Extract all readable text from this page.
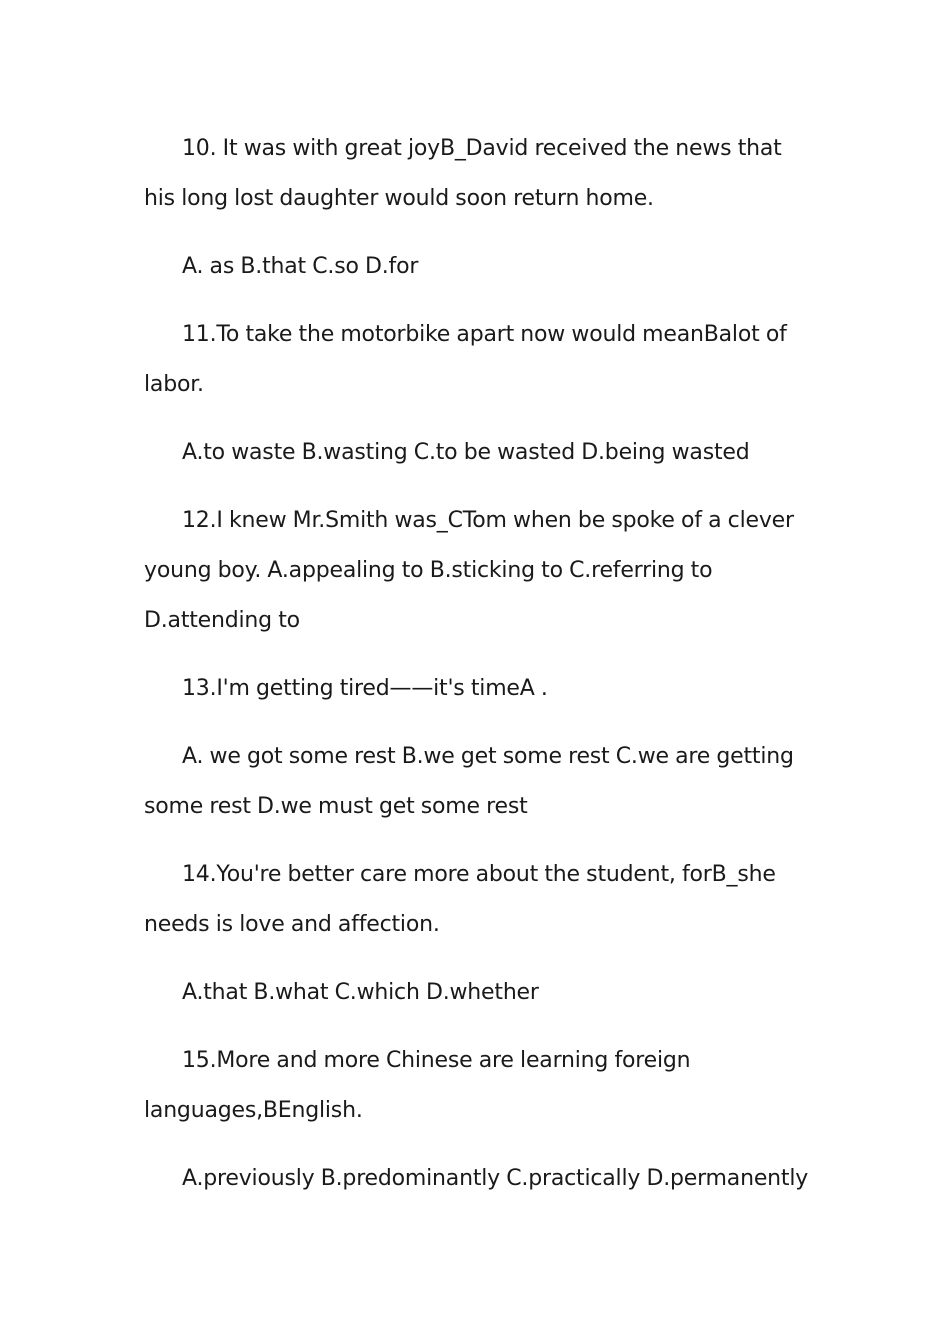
10. It was with great joyB_David received the news that his long lost daughter would soon return home.

A. as B.that C.so D.for

11.To take the motorbike apart now would meanBalot of labor.

A.to waste B.wasting C.to be wasted D.being wasted

12.I knew Mr.Smith was_CTom when be spoke of a clever young boy. A.appealing to B.sticking to C.referring to D.attending to

13.I'm getting tired——it's timeA .

A. we got some rest B.we get some rest C.we are getting some rest D.we must get some rest

14.You're better care more about the student, forB_she needs is love and affection.

A.that B.what C.which D.whether

15.More and more Chinese are learning foreign languages,BEnglish.

A.previously B.predominantly C.practically D.permanently
